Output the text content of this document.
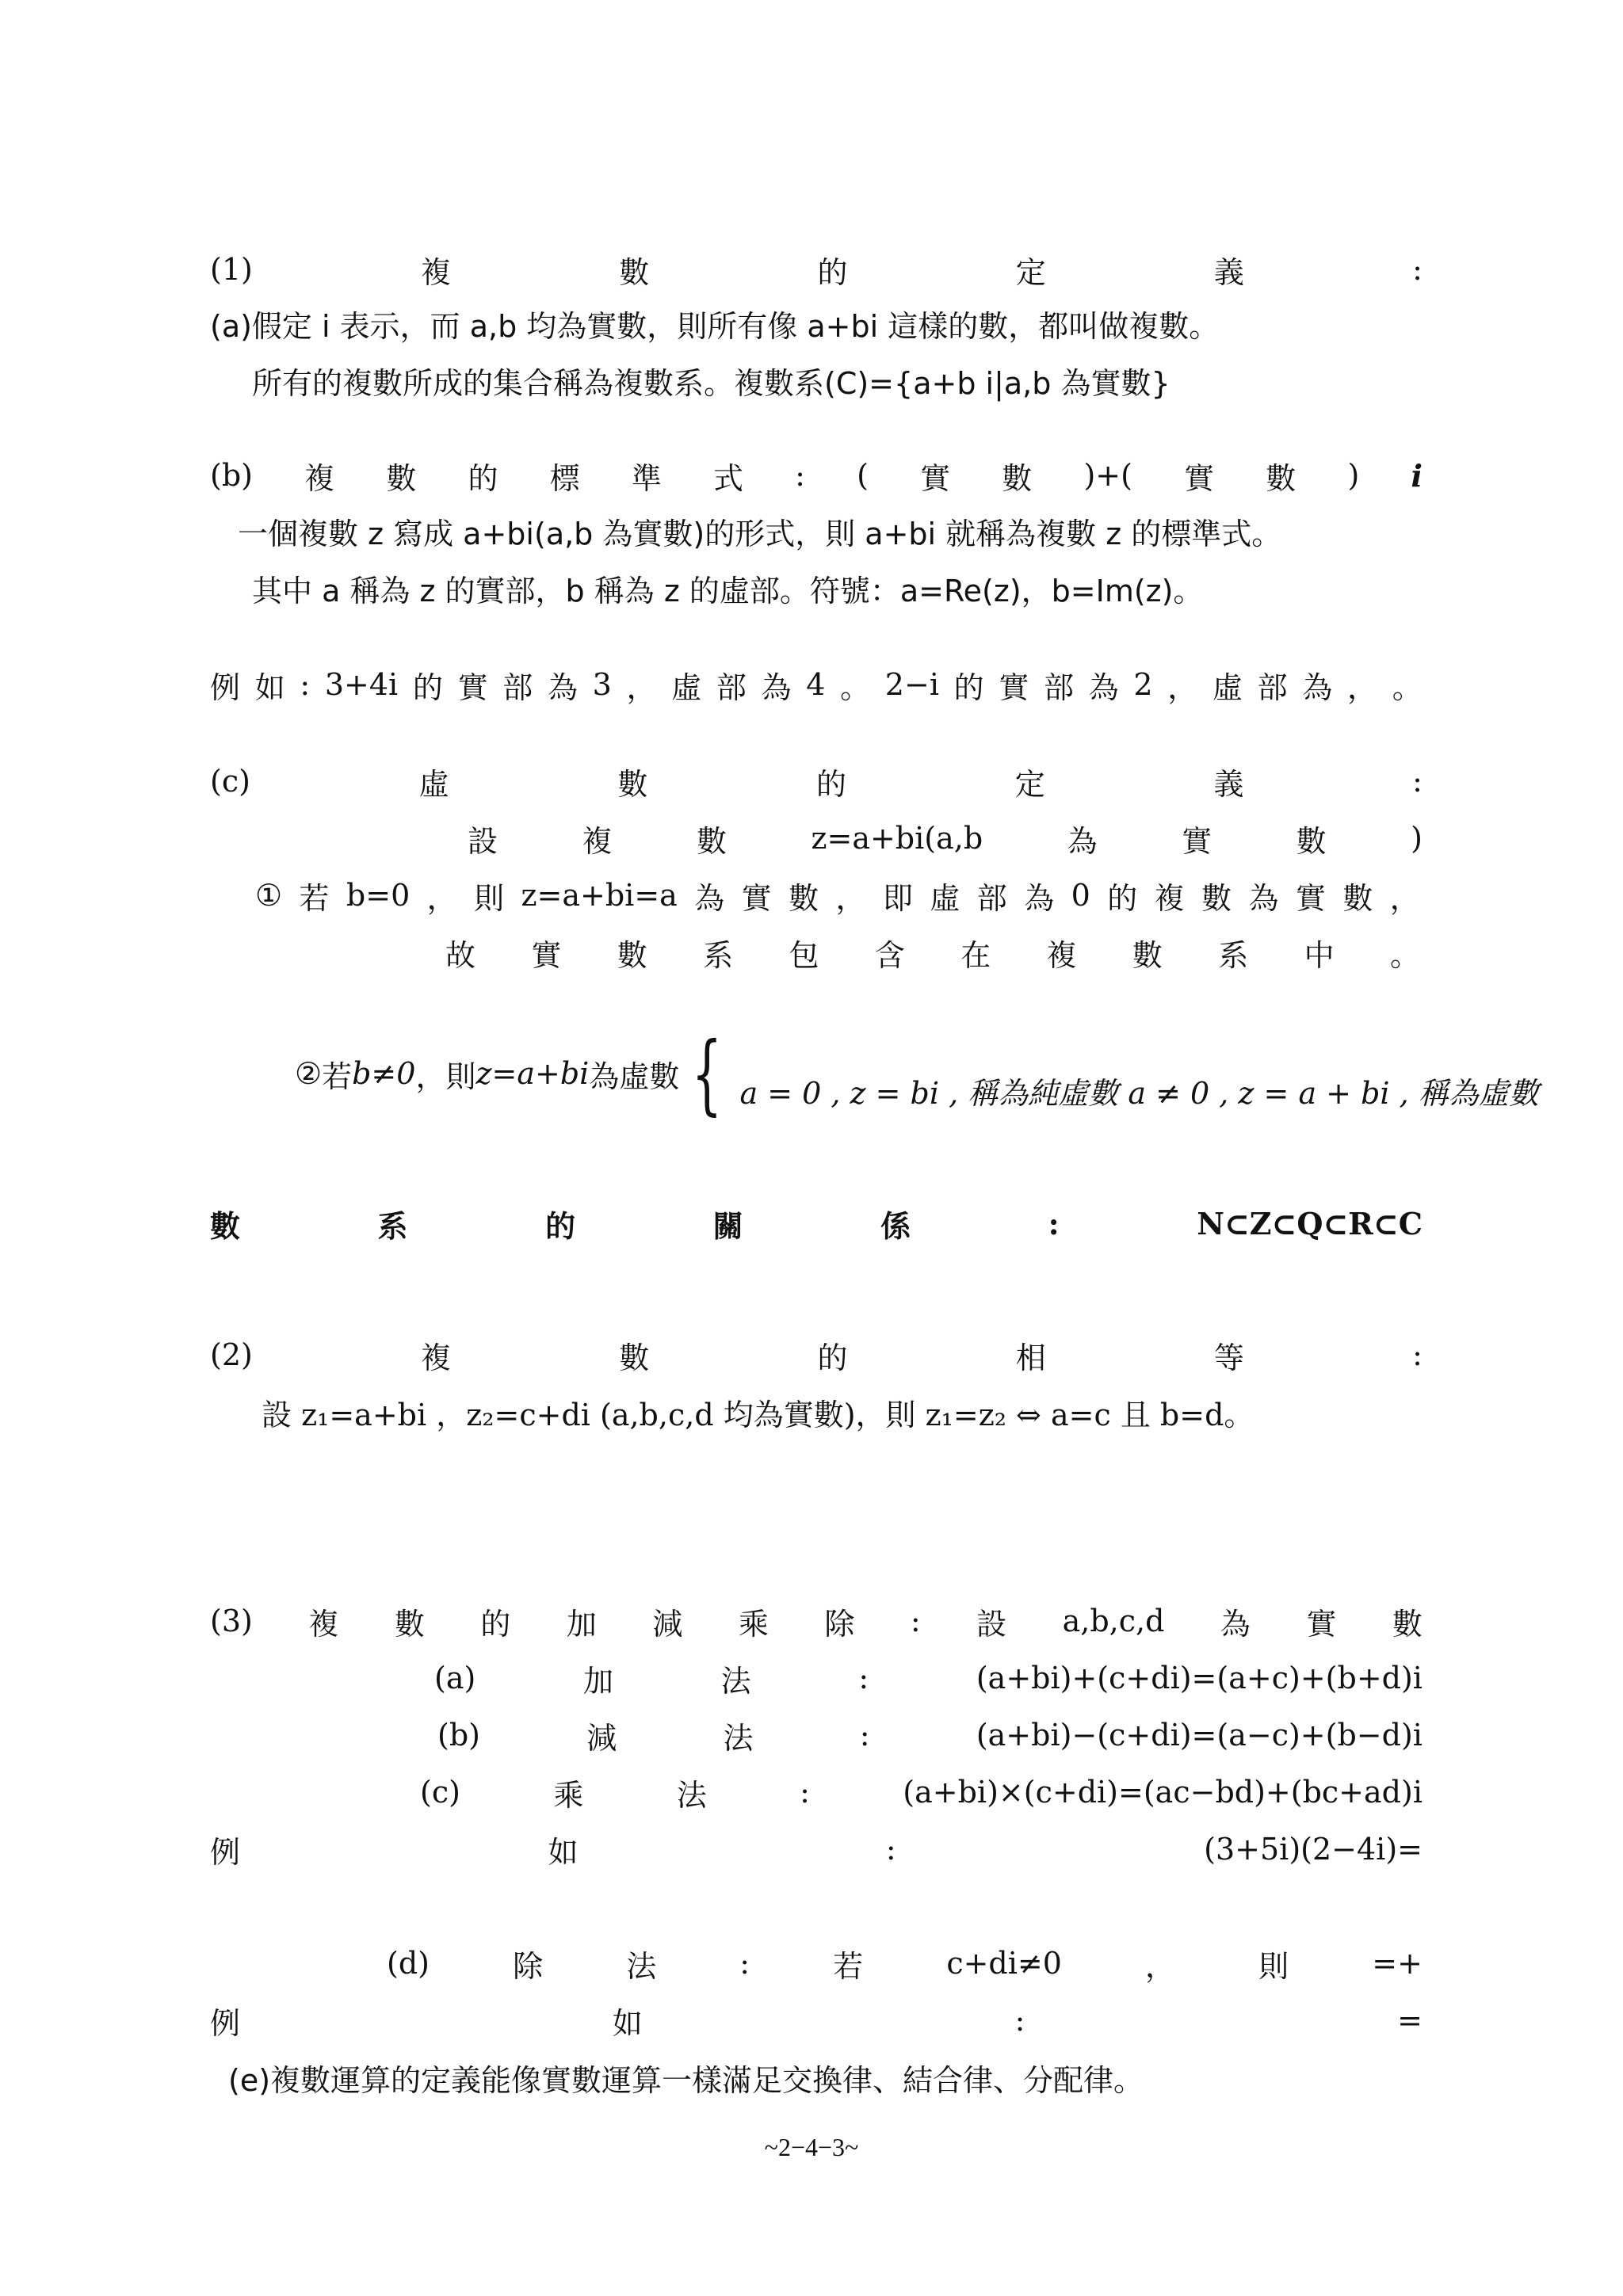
(1)	複	數	的	定	義	:
(a)假定 i 表示，而 a,b 均為實數，則所有像 a+bi 這樣的數，都叫做複數。
所有的複數所成的集合稱為複數系。複數系(C)={a+b i|a,b 為實數}
(b) 複 數 的 標 準 式 : ( 實 數 )+( 實 數 ) i
一個複數 z 寫成 a+bi(a,b 為實數)的形式，則 a+bi 就稱為複數 z 的標準式。
其中 a 稱為 z 的實部，b 稱為 z 的虛部。符號：a=Re(z)，b=Im(z)。
例 如 : 3+4i 的 實 部 為 3 ， 虛 部 為 4 。 2−i 的 實 部 為 2 ， 虛 部 為 ， 。
(c)	虛	數	的	定	義	:
設	複	數	z=a+bi(a,b	為	實	數	)
① 若 b=0 ， 則 z=a+bi=a 為 實 數 ， 即 虛 部 為 0 的 複 數 為 實 數 ，
故 實 數 系 包 含 在 複 數 系 中 。
② 若 b≠0 ， 則 z=a+bi 為 虛 數 { a = 0 , z = bi , 稱為純虛數 a ≠ 0 , z = a + bi , 稱為虛數
數	系	的	關	係	:	N⊂Z⊂Q⊂R⊂C
(2)	複	數	的	相	等	:
設 z₁=a+bi ，z₂=c+di (a,b,c,d 均為實數)，則 z₁=z₂ ⇔ a=c 且 b=d。
(3) 複 數 的 加 減 乘 除 : 設 a,b,c,d 為 實 數
(a)	加	法	:	(a+bi)+(c+di)=(a+c)+(b+d)i
(b)	減	法	:	(a+bi)−(c+di)=(a−c)+(b−d)i
(c)	乘	法	:	(a+bi)×(c+di)=(ac−bd)+(bc+ad)i
例	如	:	(3+5i)(2−4i)=
(d)	除	法	:	若	c+di≠0	，	則	=+
例	如	:	=
(e)複數運算的定義能像實數運算一樣滿足交換律、結合律、分配律。
~2−4−3~
